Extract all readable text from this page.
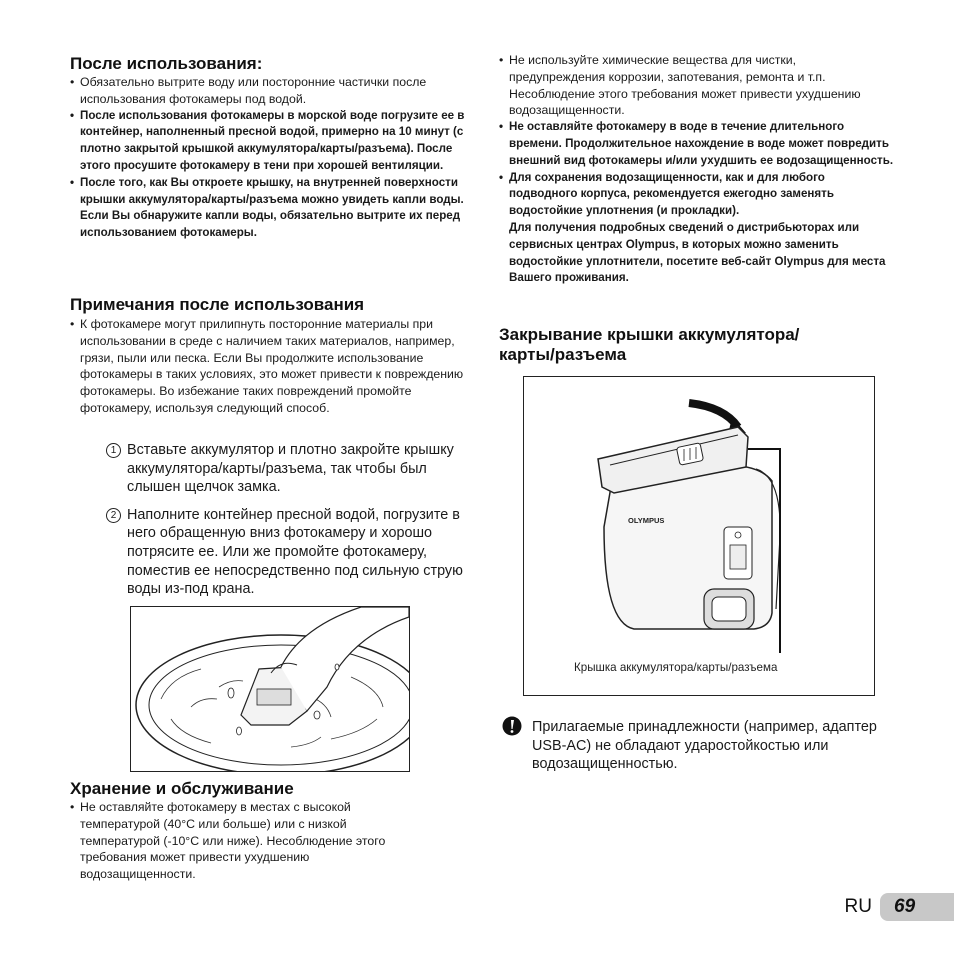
После использования:
• Обязательно вытрите воду или посторонние частички после использования фотокамеры под водой.
• После использования фотокамеры в морской воде погрузите ее в контейнер, наполненный пресной водой, примерно на 10 минут (с плотно закрытой крышкой аккумулятора/карты/разъема). После этого просушите фотокамеру в тени при хорошей вентиляции.
• После того, как Вы откроете крышку, на внутренней поверхности крышки аккумулятора/карты/разъема можно увидеть капли воды. Если Вы обнаружите капли воды, обязательно вытрите их перед использованием фотокамеры.
Примечания после использования
• К фотокамере могут прилипнуть посторонние материалы при использовании в среде с наличием таких материалов, например, грязи, пыли или песка. Если Вы продолжите использование фотокамеры в таких условиях, это может привести к повреждению фотокамеры. Во избежание таких повреждений промойте фотокамеру, используя следующий способ.
1 Вставьте аккумулятор и плотно закройте крышку аккумулятора/карты/разъема, так чтобы был слышен щелчок замка.
2 Наполните контейнер пресной водой, погрузите в него обращенную вниз фотокамеру и хорошо потрясите ее. Или же промойте фотокамеру, поместив ее непосредственно под сильную струю воды из-под крана.
Хранение и обслуживание
• Не оставляйте фотокамеру в местах с высокой температурой (40°C или больше) или с низкой температурой (-10°C или ниже). Несоблюдение этого требования может привести ухудшению водозащищенности.
• Не используйте химические вещества для чистки, предупреждения коррозии, запотевания, ремонта и т.п. Несоблюдение этого требования может привести ухудшению водозащищенности.
• Не оставляйте фотокамеру в воде в течение длительного времени. Продолжительное нахождение в воде может повредить внешний вид фотокамеры и/или ухудшить ее водозащищенность.
• Для сохранения водозащищенности, как и для любого подводного корпуса, рекомендуется ежегодно заменять водостойкие уплотнения (и прокладки).
Для получения подробных сведений о дистрибьюторах или сервисных центрах Olympus, в которых можно заменить водостойкие уплотнители, посетите веб-сайт Olympus для места Вашего проживания.
Закрывание крышки аккумулятора/
карты/разъема
OLYMPUS
Крышка аккумулятора/карты/разъема
Прилагаемые принадлежности (например, адаптер USB-AC) не обладают ударостойкостью или водозащищенностью.
RU	69
